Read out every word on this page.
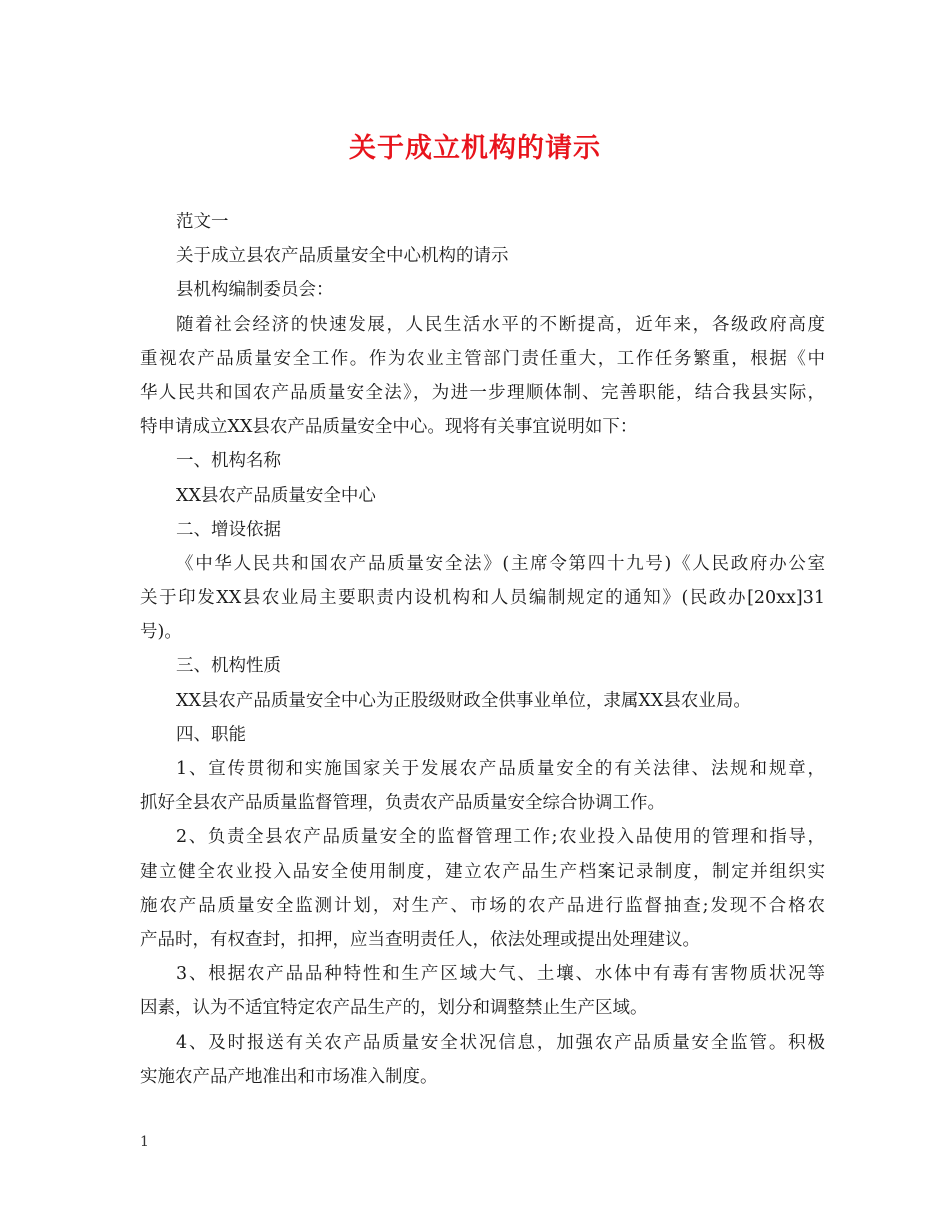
关于成立机构的请示

范文一

关于成立县农产品质量安全中心机构的请示

县机构编制委员会：

随着社会经济的快速发展，人民生活水平的不断提高，近年来，各级政府高度

重视农产品质量安全工作。作为农业主管部门责任重大，工作任务繁重，根据《中

华人民共和国农产品质量安全法》，为进一步理顺体制、完善职能，结合我县实际，

特申请成立XX县农产品质量安全中心。现将有关事宜说明如下：

一、机构名称

XX县农产品质量安全中心

二、增设依据

《中华人民共和国农产品质量安全法》(主席令第四十九号)《人民政府办公室

关于印发XX县农业局主要职责内设机构和人员编制规定的通知》(民政办[20xx]31

号)。

三、机构性质

XX县农产品质量安全中心为正股级财政全供事业单位，隶属XX县农业局。

四、职能

1、宣传贯彻和实施国家关于发展农产品质量安全的有关法律、法规和规章，

抓好全县农产品质量监督管理，负责农产品质量安全综合协调工作。

2、负责全县农产品质量安全的监督管理工作;农业投入品使用的管理和指导，

建立健全农业投入品安全使用制度，建立农产品生产档案记录制度，制定并组织实

施农产品质量安全监测计划，对生产、市场的农产品进行监督抽查;发现不合格农

产品时，有权查封，扣押，应当查明责任人，依法处理或提出处理建议。

3、根据农产品品种特性和生产区域大气、土壤、水体中有毒有害物质状况等

因素，认为不适宜特定农产品生产的，划分和调整禁止生产区域。

4、及时报送有关农产品质量安全状况信息，加强农产品质量安全监管。积极

实施农产品产地准出和市场准入制度。

1
